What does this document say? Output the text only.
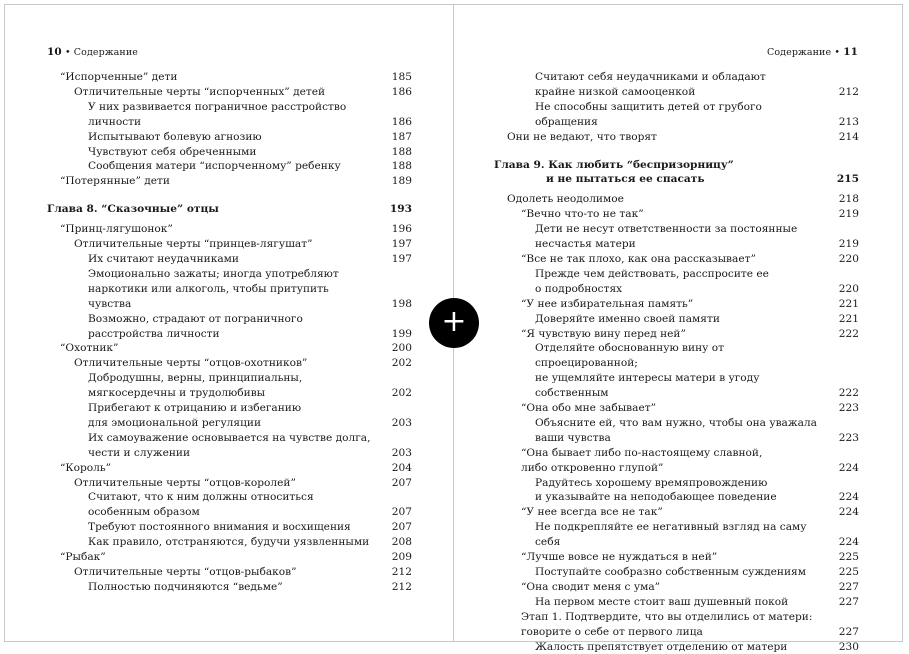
10 • Содержание
“Испорченные” дети	185
Отличительные черты “испорченных” детей	186
У них развивается пограничное расстройство
личности	186
Испытывают болевую агнозию	187
Чувствуют себя обреченными	188
Сообщения матери “испорченному” ребенку	188
“Потерянные” дети	189
Глава 8. “Сказочные” отцы	193
“Принц-лягушонок”	196
Отличительные черты “принцев-лягушат”	197
Их считают неудачниками	197
Эмоционально зажаты; иногда употребляют
наркотики или алкоголь, чтобы притупить чувства	198
Возможно, страдают от пограничного
расстройства личности	199
“Охотник”	200
Отличительные черты “отцов-охотников”	202
Добродушны, верны, принципиальны,
мягкосердечны и трудолюбивы	202
Прибегают к отрицанию и избеганию
для эмоциональной регуляции	203
Их самоуважение основывается на чувстве долга,
чести и служении	203
“Король”	204
Отличительные черты “отцов-королей”	207
Считают, что к ним должны относиться
особенным образом	207
Требуют постоянного внимания и восхищения	207
Как правило, отстраняются, будучи уязвленными	208
“Рыбак”	209
Отличительные черты “отцов-рыбаков”	212
Полностью подчиняются “ведьме”	212
Содержание • 11
Считают себя неудачниками и обладают
крайне низкой самооценкой	212
Не способны защитить детей от грубого обращения	213
Они не ведают, что творят	214
Глава 9. Как любить “беспризорницу”
и не пытаться ее спасать	215
Одолеть неодолимое	218
“Вечно что-то не так”	219
Дети не несут ответственности за постоянные
несчастья матери	219
“Все не так плохо, как она рассказывает”	220
Прежде чем действовать, расспросите ее
о подробностях	220
“У нее избирательная память”	221
Доверяйте именно своей памяти	221
“Я чувствую вину перед ней”	222
Отделяйте обоснованную вину от спроецированной;
не ущемляйте интересы матери в угоду собственным	222
“Она обо мне забывает”	223
Объясните ей, что вам нужно, чтобы она уважала
ваши чувства	223
“Она бывает либо по-настоящему славной,
либо откровенно глупой”	224
Радуйтесь хорошему времяпровождению
и указывайте на неподобающее поведение	224
“У нее всегда все не так”	224
Не подкрепляйте ее негативный взгляд на саму себя	224
“Лучше вовсе не нуждаться в ней”	225
Поступайте сообразно собственным суждениям	225
“Она сводит меня с ума”	227
На первом месте стоит ваш душевный покой	227
Этап 1. Подтвердите, что вы отделились от матери:
говорите о себе от первого лица	227
Жалость препятствует отделению от матери	230
+
